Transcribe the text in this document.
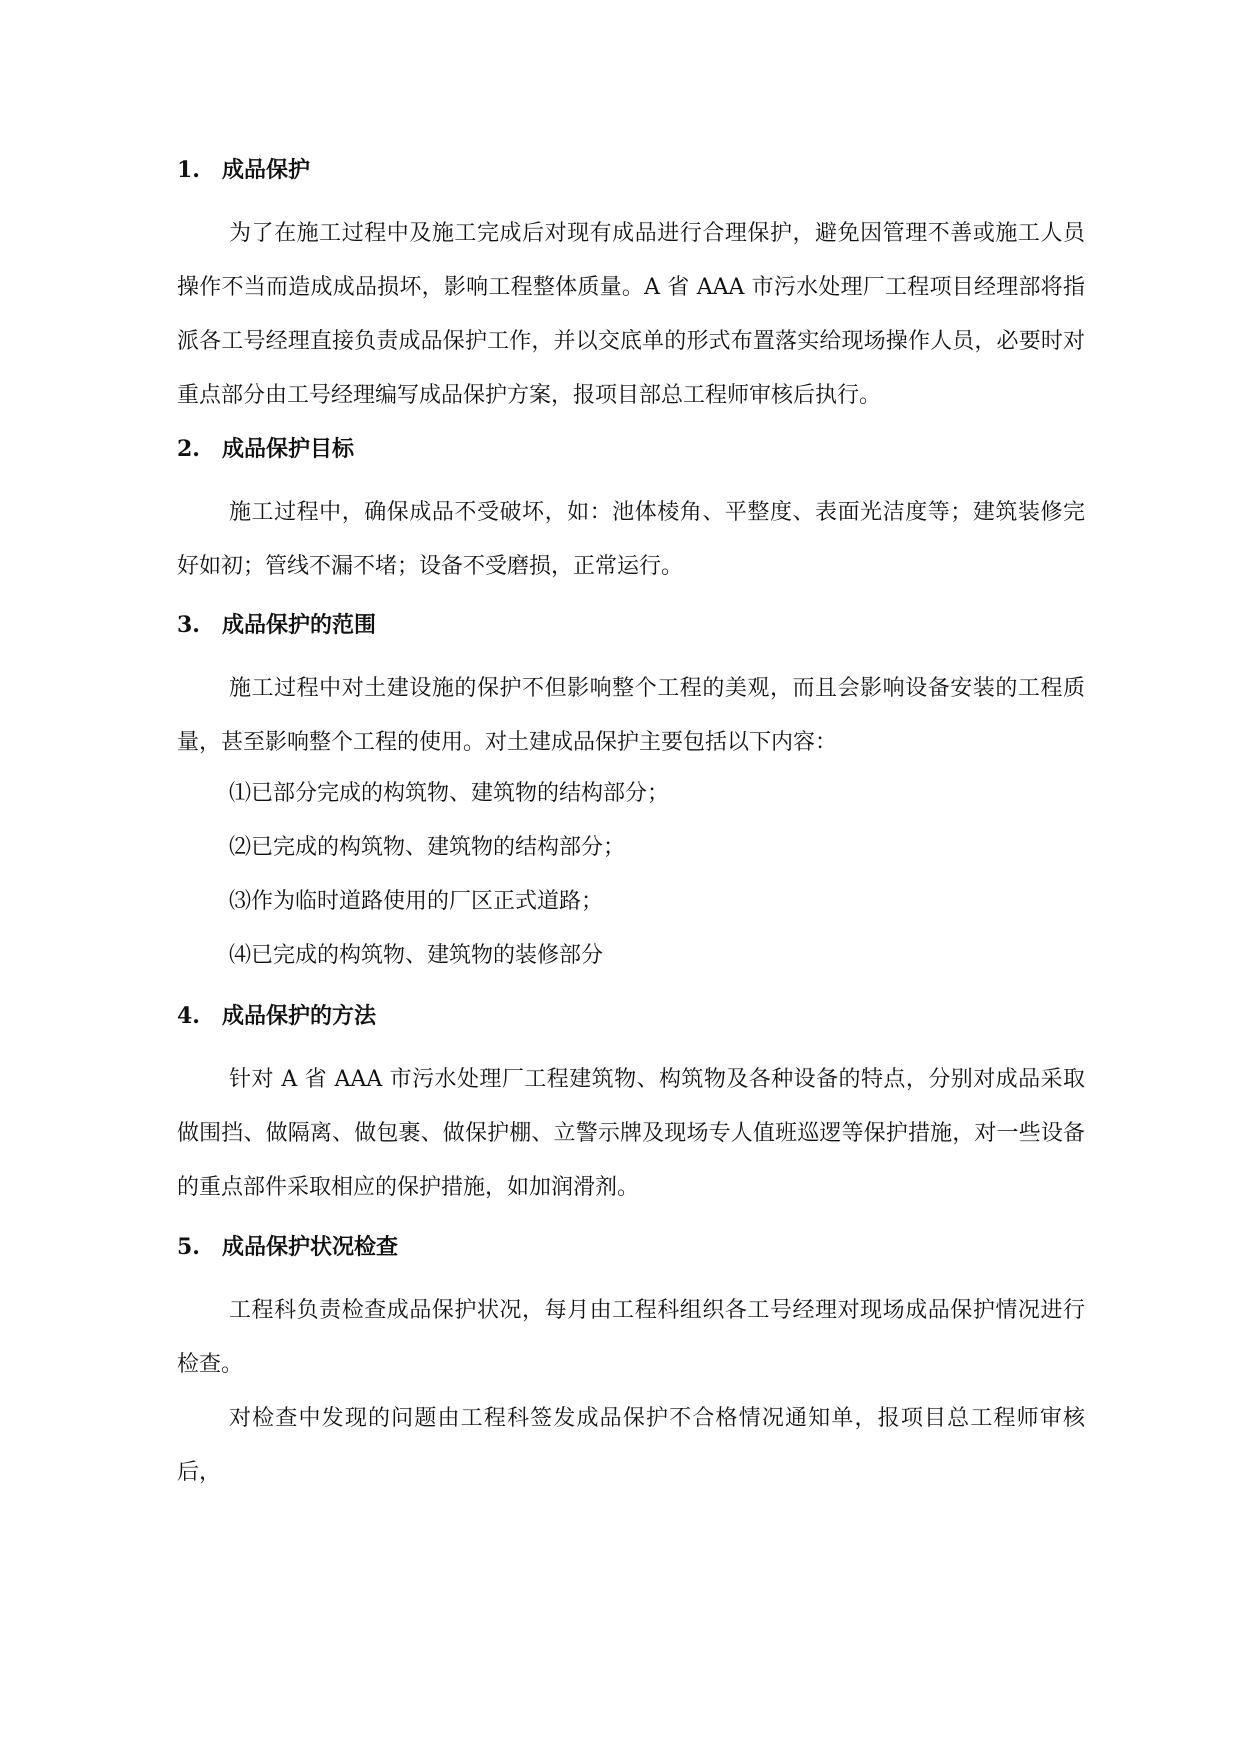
1. 成品保护

为了在施工过程中及施工完成后对现有成品进行合理保护，避免因管理不善或施工人员操作不当而造成成品损坏，影响工程整体质量。A 省 AAA 市污水处理厂工程项目经理部将指派各工号经理直接负责成品保护工作，并以交底单的形式布置落实给现场操作人员，必要时对重点部分由工号经理编写成品保护方案，报项目部总工程师审核后执行。

2. 成品保护目标

施工过程中，确保成品不受破坏，如：池体棱角、平整度、表面光洁度等；建筑装修完好如初；管线不漏不堵；设备不受磨损，正常运行。

3. 成品保护的范围

施工过程中对土建设施的保护不但影响整个工程的美观，而且会影响设备安装的工程质量，甚至影响整个工程的使用。对土建成品保护主要包括以下内容：

⑴已部分完成的构筑物、建筑物的结构部分；
⑵已完成的构筑物、建筑物的结构部分；
⑶作为临时道路使用的厂区正式道路；
⑷已完成的构筑物、建筑物的装修部分
4. 成品保护的方法

针对 A 省 AAA 市污水处理厂工程建筑物、构筑物及各种设备的特点，分别对成品采取做围挡、做隔离、做包裹、做保护棚、立警示牌及现场专人值班巡逻等保护措施，对一些设备的重点部件采取相应的保护措施，如加润滑剂。

5. 成品保护状况检查

工程科负责检查成品保护状况，每月由工程科组织各工号经理对现场成品保护情况进行检查。

对检查中发现的问题由工程科签发成品保护不合格情况通知单，报项目总工程师审核后，
